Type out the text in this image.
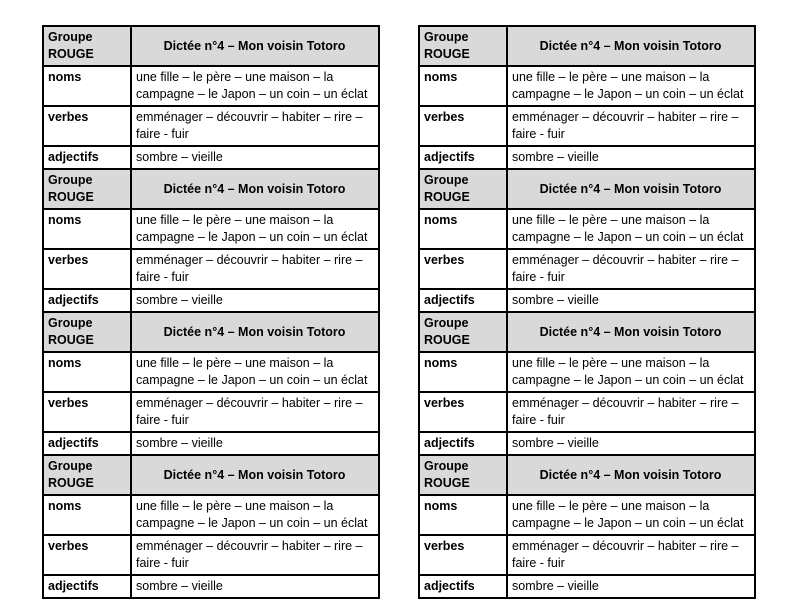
Groupe ROUGE	Dictée n°4 – Mon voisin Totoro
noms	une fille – le père – une maison – la campagne – le Japon – un coin – un éclat
verbes	emménager – découvrir – habiter – rire – faire - fuir
adjectifs	sombre – vieille
Groupe ROUGE	Dictée n°4 – Mon voisin Totoro
noms	une fille – le père – une maison – la campagne – le Japon – un coin – un éclat
verbes	emménager – découvrir – habiter – rire – faire - fuir
adjectifs	sombre – vieille
Groupe ROUGE	Dictée n°4 – Mon voisin Totoro
noms	une fille – le père – une maison – la campagne – le Japon – un coin – un éclat
verbes	emménager – découvrir – habiter – rire – faire - fuir
adjectifs	sombre – vieille
Groupe ROUGE	Dictée n°4 – Mon voisin Totoro
noms	une fille – le père – une maison – la campagne – le Japon – un coin – un éclat
verbes	emménager – découvrir – habiter – rire – faire - fuir
adjectifs	sombre – vieille
Groupe ROUGE	Dictée n°4 – Mon voisin Totoro
noms	une fille – le père – une maison – la campagne – le Japon – un coin – un éclat
verbes	emménager – découvrir – habiter – rire – faire - fuir
adjectifs	sombre – vieille
Groupe ROUGE	Dictée n°4 – Mon voisin Totoro
noms	une fille – le père – une maison – la campagne – le Japon – un coin – un éclat
verbes	emménager – découvrir – habiter – rire – faire - fuir
adjectifs	sombre – vieille
Groupe ROUGE	Dictée n°4 – Mon voisin Totoro
noms	une fille – le père – une maison – la campagne – le Japon – un coin – un éclat
verbes	emménager – découvrir – habiter – rire – faire - fuir
adjectifs	sombre – vieille
Groupe ROUGE	Dictée n°4 – Mon voisin Totoro
noms	une fille – le père – une maison – la campagne – le Japon – un coin – un éclat
verbes	emménager – découvrir – habiter – rire – faire - fuir
adjectifs	sombre – vieille
